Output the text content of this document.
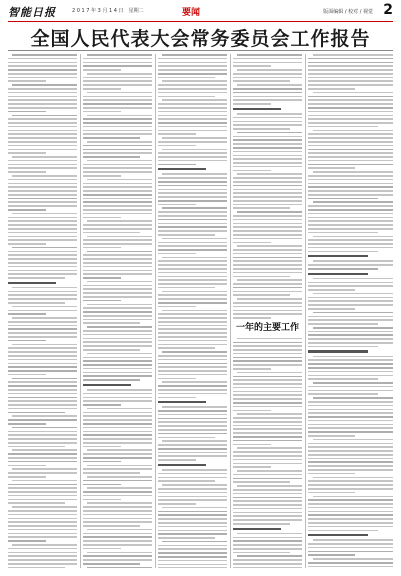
智能日报	2 0 1 7 年 3 月 1 4 日　星期二	要闻	版面编辑 / 校对 / 视觉 2
全国人民代表大会常务委员会工作报告
一年的主要工作
